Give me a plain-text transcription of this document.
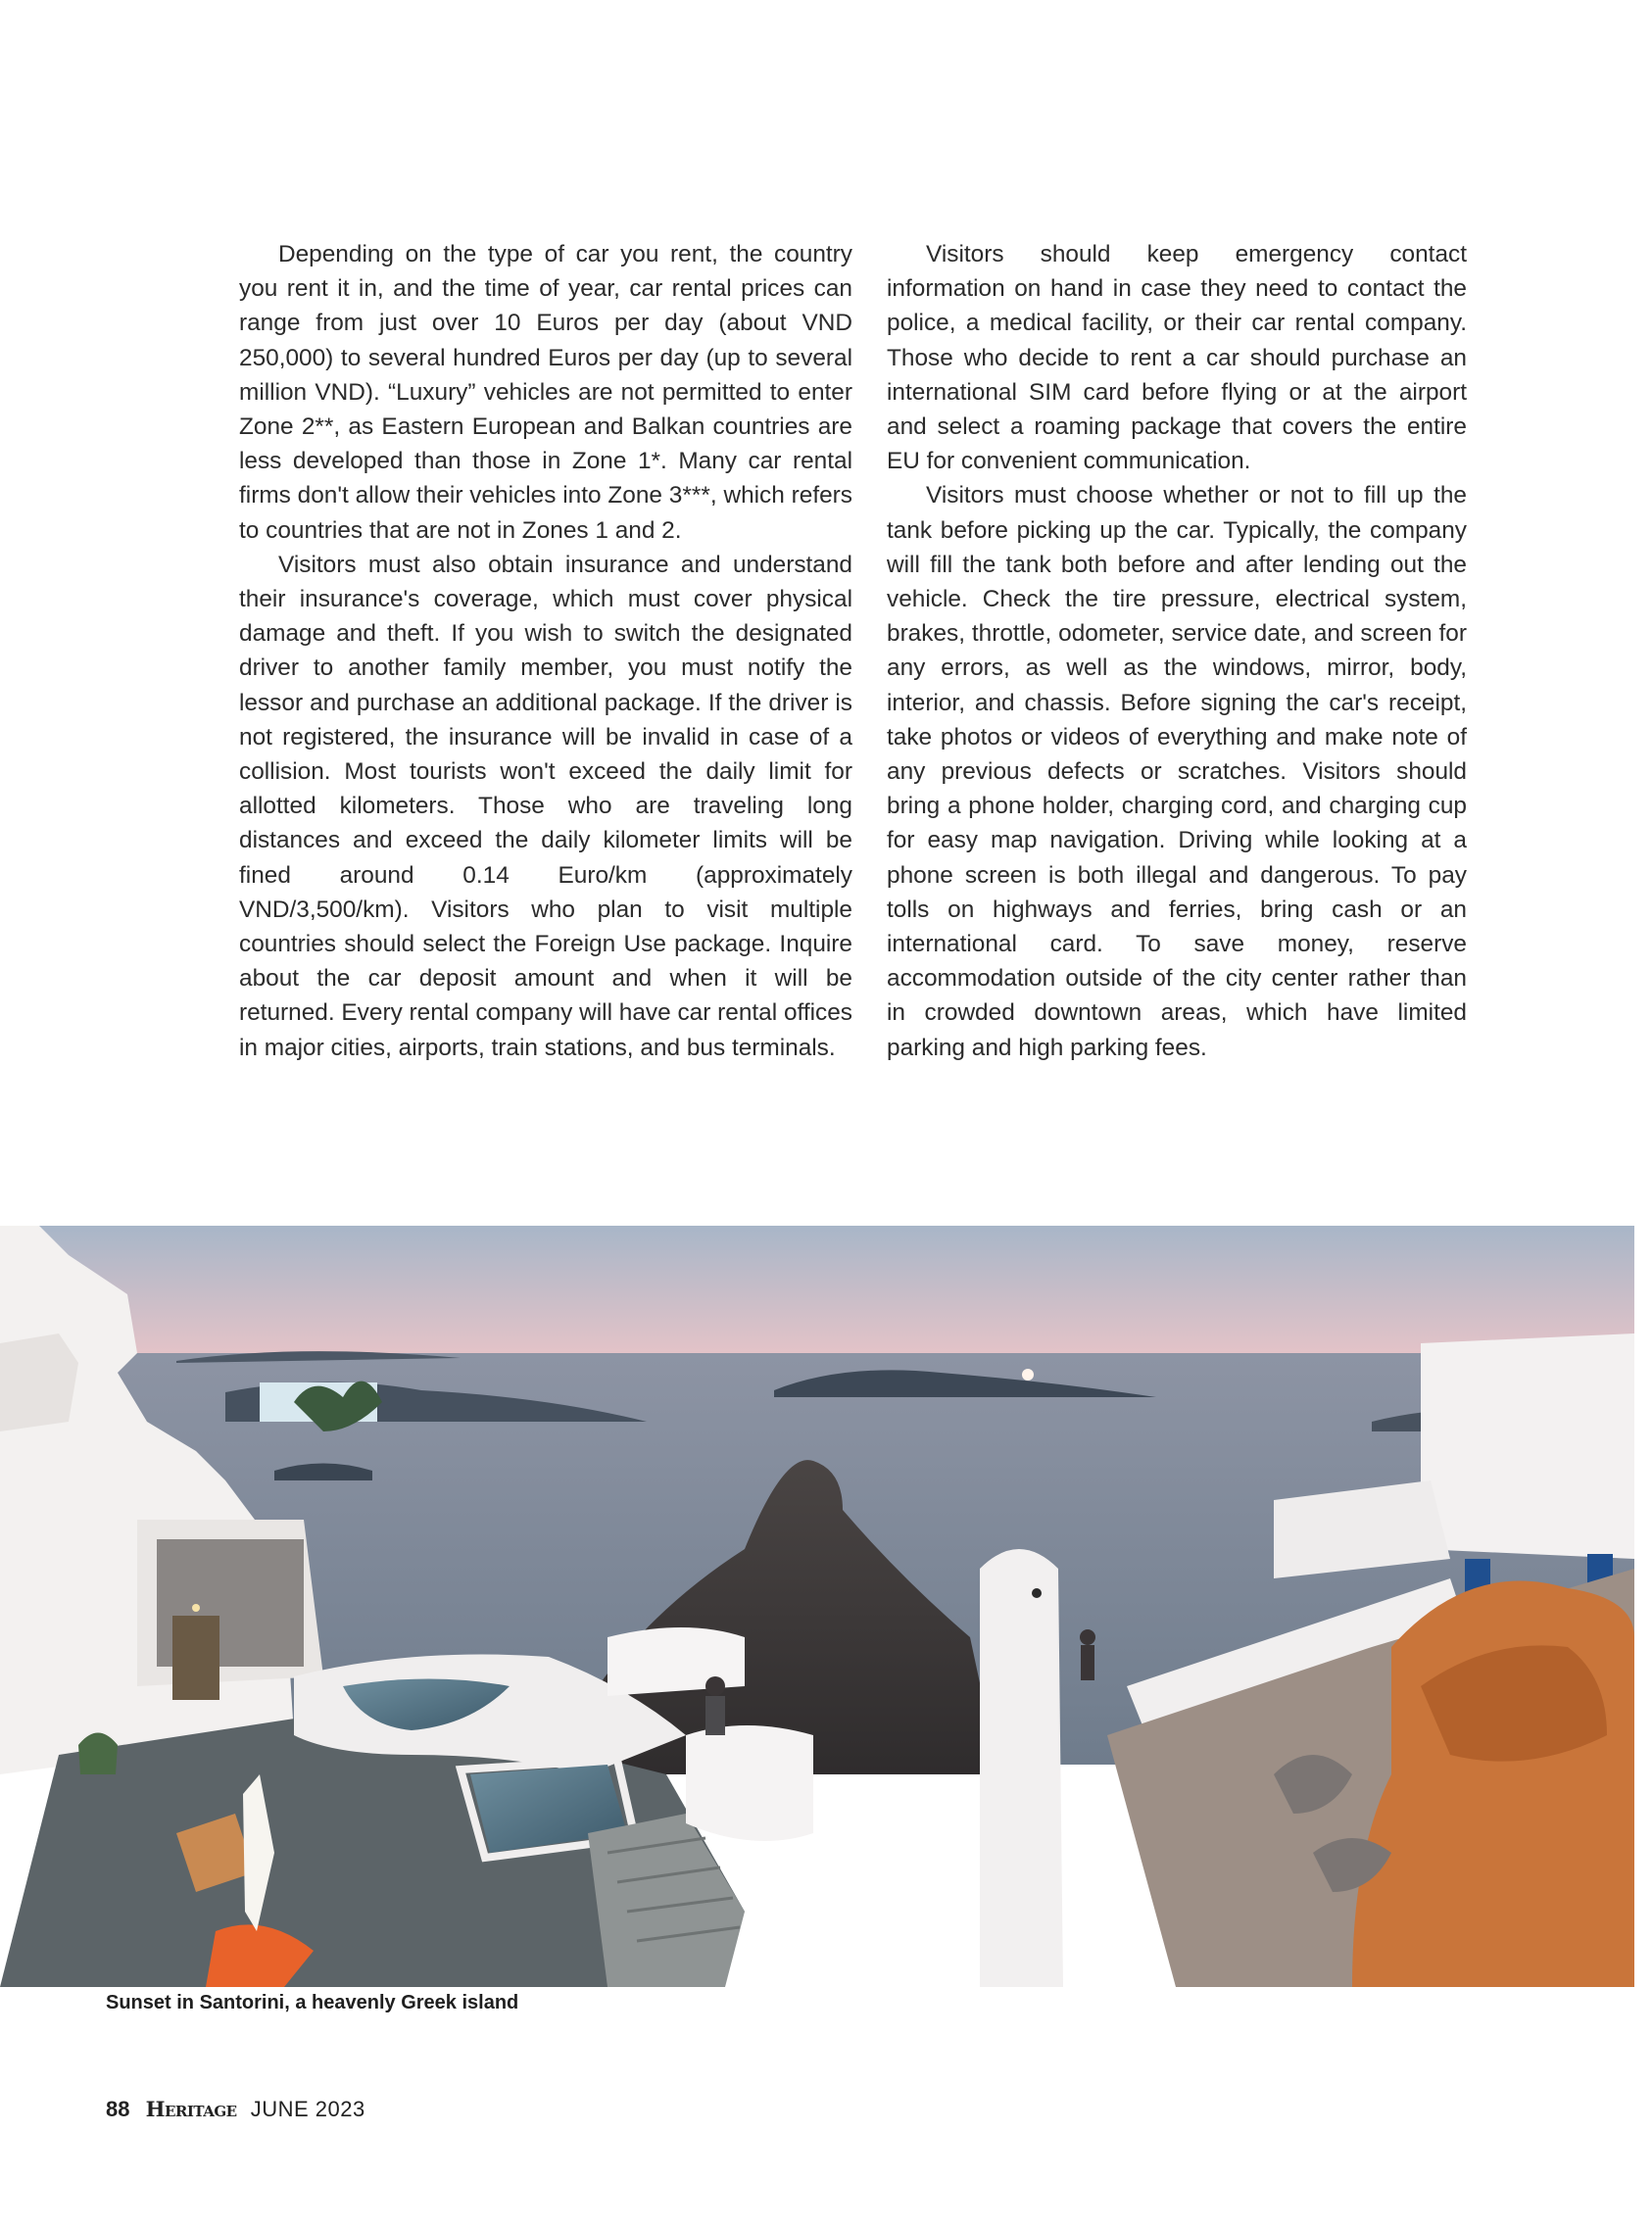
Depending on the type of car you rent, the country you rent it in, and the time of year, car rental prices can range from just over 10 Euros per day (about VND 250,000) to several hundred Euros per day (up to several million VND). “Luxury” vehicles are not permitted to enter Zone 2**, as Eastern European and Balkan countries are less developed than those in Zone 1*. Many car rental firms don't allow their vehicles into Zone 3***, which refers to countries that are not in Zones 1 and 2.

Visitors must also obtain insurance and understand their insurance's coverage, which must cover physical damage and theft. If you wish to switch the designated driver to another family member, you must notify the lessor and purchase an additional package. If the driver is not registered, the insurance will be invalid in case of a collision. Most tourists won't exceed the daily limit for allotted kilometers. Those who are traveling long distances and exceed the daily kilometer limits will be fined around 0.14 Euro/km (approximately VND/3,500/km). Visitors who plan to visit multiple countries should select the Foreign Use package. Inquire about the car deposit amount and when it will be returned. Every rental company will have car rental offices in major cities, airports, train stations, and bus terminals.

Visitors should keep emergency contact information on hand in case they need to contact the police, a medical facility, or their car rental company. Those who decide to rent a car should purchase an international SIM card before flying or at the airport and select a roaming package that covers the entire EU for convenient communication.

Visitors must choose whether or not to fill up the tank before picking up the car. Typically, the company will fill the tank both before and after lending out the vehicle. Check the tire pressure, electrical system, brakes, throttle, odometer, service date, and screen for any errors, as well as the windows, mirror, body, interior, and chassis. Before signing the car's receipt, take photos or videos of everything and make note of any previous defects or scratches. Visitors should bring a phone holder, charging cord, and charging cup for easy map navigation. Driving while looking at a phone screen is both illegal and dangerous. To pay tolls on highways and ferries, bring cash or an international card. To save money, reserve accommodation outside of the city center rather than in crowded downtown areas, which have limited parking and high parking fees.

Sunset in Santorini, a heavenly Greek island
88 Heritage JUNE 2023
